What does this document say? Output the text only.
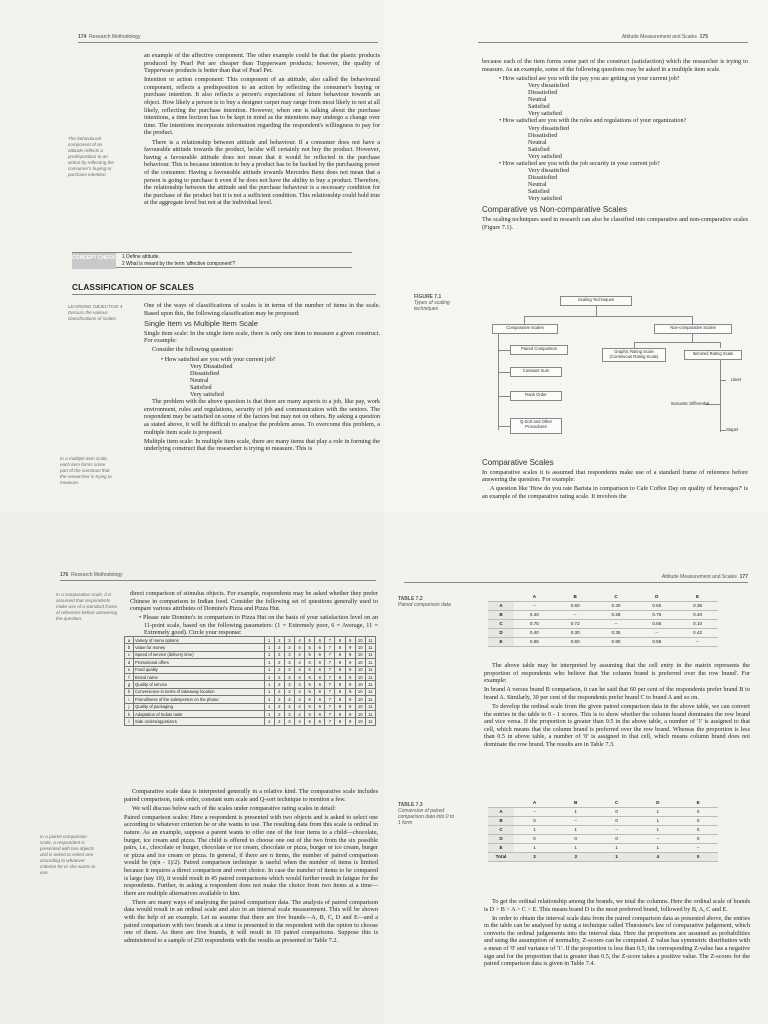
174 Research Methodology
The behavioural component of an attitude reflects a predisposition to an action by reflecting the consumer's buying or purchase intention.

an example of the affective component. The other example could be that the plastic products produced by Pearl Pet are cheaper than Tupperware products; however, the quality of Tupperware products is better than that of Pearl Pet.

Intention or action component: This component of an attitude, also called the behavioural component, reflects a predisposition to an action by reflecting the consumer's buying or purchase intention. It also reflects a person's expectations of future behaviour towards an object. How likely a person is to buy a designer carpet may range from most likely to not at all likely, reflecting the purchase intention. However, when one is talking about the purchase intentions, a time horizon has to be kept in mind as the intentions may undergo a change over time. The intentions incorporate information regarding the respondent's willingness to pay for the product.

There is a relationship between attitude and behaviour. If a consumer does not have a favourable attitude towards the product, he/she will certainly not buy the product. However, having a favourable attitude does not mean that it would be reflected in the purchase behaviour. This is because intention to buy a product has to be backed by the purchasing power of the consumer. Having a favourable attitude towards Mercedes Benz does not mean that a person is going to purchase it even if he does not have the ability to buy a product. Therefore, the relationship between the attitude and the purchase behaviour is a necessary condition for the purchase of the product but it is not a sufficient condition. This relationship could hold true at the aggregate level but not at the individual level.

CONCEPT CHECK 1 Define attitude.
2 What is meant by the term 'affective component'?
CLASSIFICATION OF SCALES
LEARNING OBJECTIVE 4 Discuss the various classifications of scales.
In a multiple item scale, each item forms some part of the construct that the researcher is trying to measure.

One of the ways of classifications of scales is in terms of the number of items in the scale. Based upon this, the following classification may be proposed:

Single Item vs Multiple Item Scale

Single item scale: In the single item scale, there is only one item to measure a given construct. For example:

Consider the following question:

• How satisfied are you with your current job?
Very Dissatisfied
Dissatisfied
Neutral
Satisfied
Very satisfied

The problem with the above question is that there are many aspects to a job, like pay, work environment, rules and regulations, security of job and communication with the seniors. The respondent may be satisfied on some of the factors but may not on others. By asking a question as stated above, it will be difficult to analyse the problem areas. To overcome this problem, a multiple item scale is proposed.

Multiple item scale: In multiple item scale, there are many items that play a role in forming the underlying construct that the researcher is trying to measure. This is

Attitude Measurement and Scales 175

because each of the item forms some part of the construct (satisfaction) which the researcher is trying to measure. As an example, some of the following questions may be asked in a multiple item scale.

• How satisfied are you with the pay you are getting on your current job?
Very dissatisfied
Dissatisfied
Neutral
Satisfied
Very satisfied
• How satisfied are you with the rules and regulations of your organization?
Very dissatisfied
Dissatisfied
Neutral
Satisfied
Very satisfied
• How satisfied are you with the job security in your current job?
Very dissatisfied
Dissatisfied
Neutral
Satisfied
Very satisfied
Comparative vs Non-comparative Scales

The scaling techniques used in research can also be classified into comparative and non-comparative scales (Figure 7.1).

FIGURE 7.1
Types of scaling techniques
Scaling Techniques
Comparative Scales	Non-comparative Scales
Paired Comparison
Constant Sum
Rank Order
Q-Sort and Other Procedures
Graphic Rating Scale (Continuous Rating Scale)
Itemized Rating Scale
Likert
Semantic Differential
Stapel
Comparative Scales

In comparative scales it is assumed that respondents make use of a standard frame of reference before answering the question. For example:

A question like 'How do you rate Barista in comparison to Cafe Coffee Day on quality of beverages?' is an example of the comparative rating scale. It involves the

176 Research Methodology
In a comparative scale, it is assumed that respondents make use of a standard frame of reference before answering the question.

direct comparison of stimulus objects. For example, respondents may be asked whether they prefer Chinese in comparison to Indian food. Consider the following set of questions generally used to compare various attributes of Domino's Pizza and Pizza Hut.

• Please rate Domino's in comparison to Pizza Hut on the basis of your satisfaction level on an 11-point scale, based on the following parameters: (1 = Extremely poor, 6 = Average, 11 = Extremely good). Circle your response:
a	Variety of menu options	1	2	3	4	5	6	7	8	9	10	11
b	Value for money	1	2	3	4	5	6	7	8	9	10	11
c	Speed of service (delivery time)	1	2	3	4	5	6	7	8	9	10	11
d	Promotional offers	1	2	3	4	5	6	7	8	9	10	11
e	Food quality	1	2	3	4	5	6	7	8	9	10	11
f	Brand name	1	2	3	4	5	6	7	8	9	10	11
g	Quality of service	1	2	3	4	5	6	7	8	9	10	11
h	Convenience in terms of takeaway location	1	2	3	4	5	6	7	8	9	10	11
i	Friendliness of the salesperson on the phone	1	2	3	4	5	6	7	8	9	10	11
j	Quality of packaging	1	2	3	4	5	6	7	8	9	10	11
k	Adaptation of Indian taste	1	2	3	4	5	6	7	8	9	10	11
l	Side orders/appetizers	1	2	3	4	5	6	7	8	9	10	11
In a paired comparison scale, a respondent is presented with two objects and is asked to select one according to whatever criterion he or she wants to use.

Comparative scale data is interpreted generally in a relative kind. The comparative scale includes paired comparison, rank order, constant sum scale and Q-sort technique to mention a few.

We will discuss below each of the scales under comparative rating scales in detail:

Paired comparison scales: Here a respondent is presented with two objects and is asked to select one according to whatever criterion he or she wants to use. The resulting data from this scale is ordinal in nature. As an example, suppose a parent wants to offer one of the four items to a child—chocolate, burger, ice cream and pizza. The child is offered to choose one out of the two from the six possible pairs, i.e., chocolate or burger, chocolate or ice cream, chocolate or pizza, burger or ice cream, burger or pizza and ice cream or pizza. In general, if there are n items, the number of paired comparison would be (n(n - 1)/2). Paired comparison technique is useful when the number of items is limited because it requires a direct comparison and overt choice. In case the number of items to be compared is large (say 10), it would result in 45 paired comparisons which would further result in fatigue for the respondents. Further, in asking a respondent does not make the choice from two items at a time—there are multiple alternatives available to him.

There are many ways of analysing the paired comparison data. The analysis of paired comparison data would result in an ordinal scale and also in an interval scale measurement. This will be shown with the help of an example. Let us assume that there are five brands—A, B, C, D and E—and a paired comparison with two brands at a time is presented to the respondent with the option to choose one of them. As there are five brands, it will result in 10 paired comparisons. Suppose this is administered to a sample of 250 respondents with the results as presented in Table 7.2.

Attitude Measurement and Scales 177
TABLE 7.2
Paired comparison data
	A	B	C	D	E
A	–	0.60	0.30	0.60	0.35
B	0.40	–	0.28	0.75	0.40
C	0.70	0.72	–	0.65	0.10
D	0.40	0.30	0.35	–	0.42
E	0.65	0.60	0.90	0.58	–

The above table may be interpreted by assuming that the cell entry in the matrix represents the proportion of respondents who believe that 'the column brand is preferred over the row brand'. For example:

In brand A versus brand B comparison, it can be said that 60 per cent of the respondents prefer brand B to brand A. Similarly, 30 per cent of the respondents prefer brand C to brand A and so on.

To develop the ordinal scale from the given paired comparison data in the above table, we can convert the entries in the table to 0 - 1 scores. This is to show whether the column brand dominates the row brand and vice versa. If the proportion is greater than 0.5 in the above table, a number of '1' is assigned to that cell, which means that the column brand is preferred over the row brand. Whereas the proportion is less than 0.5 in above table, a number of '0' is assigned to that cell, which means column brand does not dominate the row brand. The results are in Table 7.3.

TABLE 7.3
Conversion of paired comparison data into 0 to 1 form
	A	B	C	D	E
A	–	1	0	1	0
B	0	–	0	1	0
C	1	1	–	1	0
D	0	0	0	–	0
E	1	1	1	1	–
Total	2	3	1	4	0

To get the ordinal relationship among the brands, we total the columns. Here the ordinal scale of brands is D > B > A > C > E. This means brand D is the most preferred brand, followed by B, A, C and E.

In order to obtain the interval scale data from the paired comparison data as presented above, the entries in the table can be analysed by using a technique called Thurstone's law of comparative judgement, which converts the ordinal judgements into the interval data. Here the proportions are assumed as probabilities and using the assumption of normality, Z-scores can be computed. Z value has symmetric distribution with a mean of '0' and variance of '1'. If the proportion is less than 0.5, the corresponding Z-value has a negative sign and for the proportion that is greater than 0.5, the Z-score takes a positive value. The Z-scores for the paired comparison data is given in Table 7.4.
